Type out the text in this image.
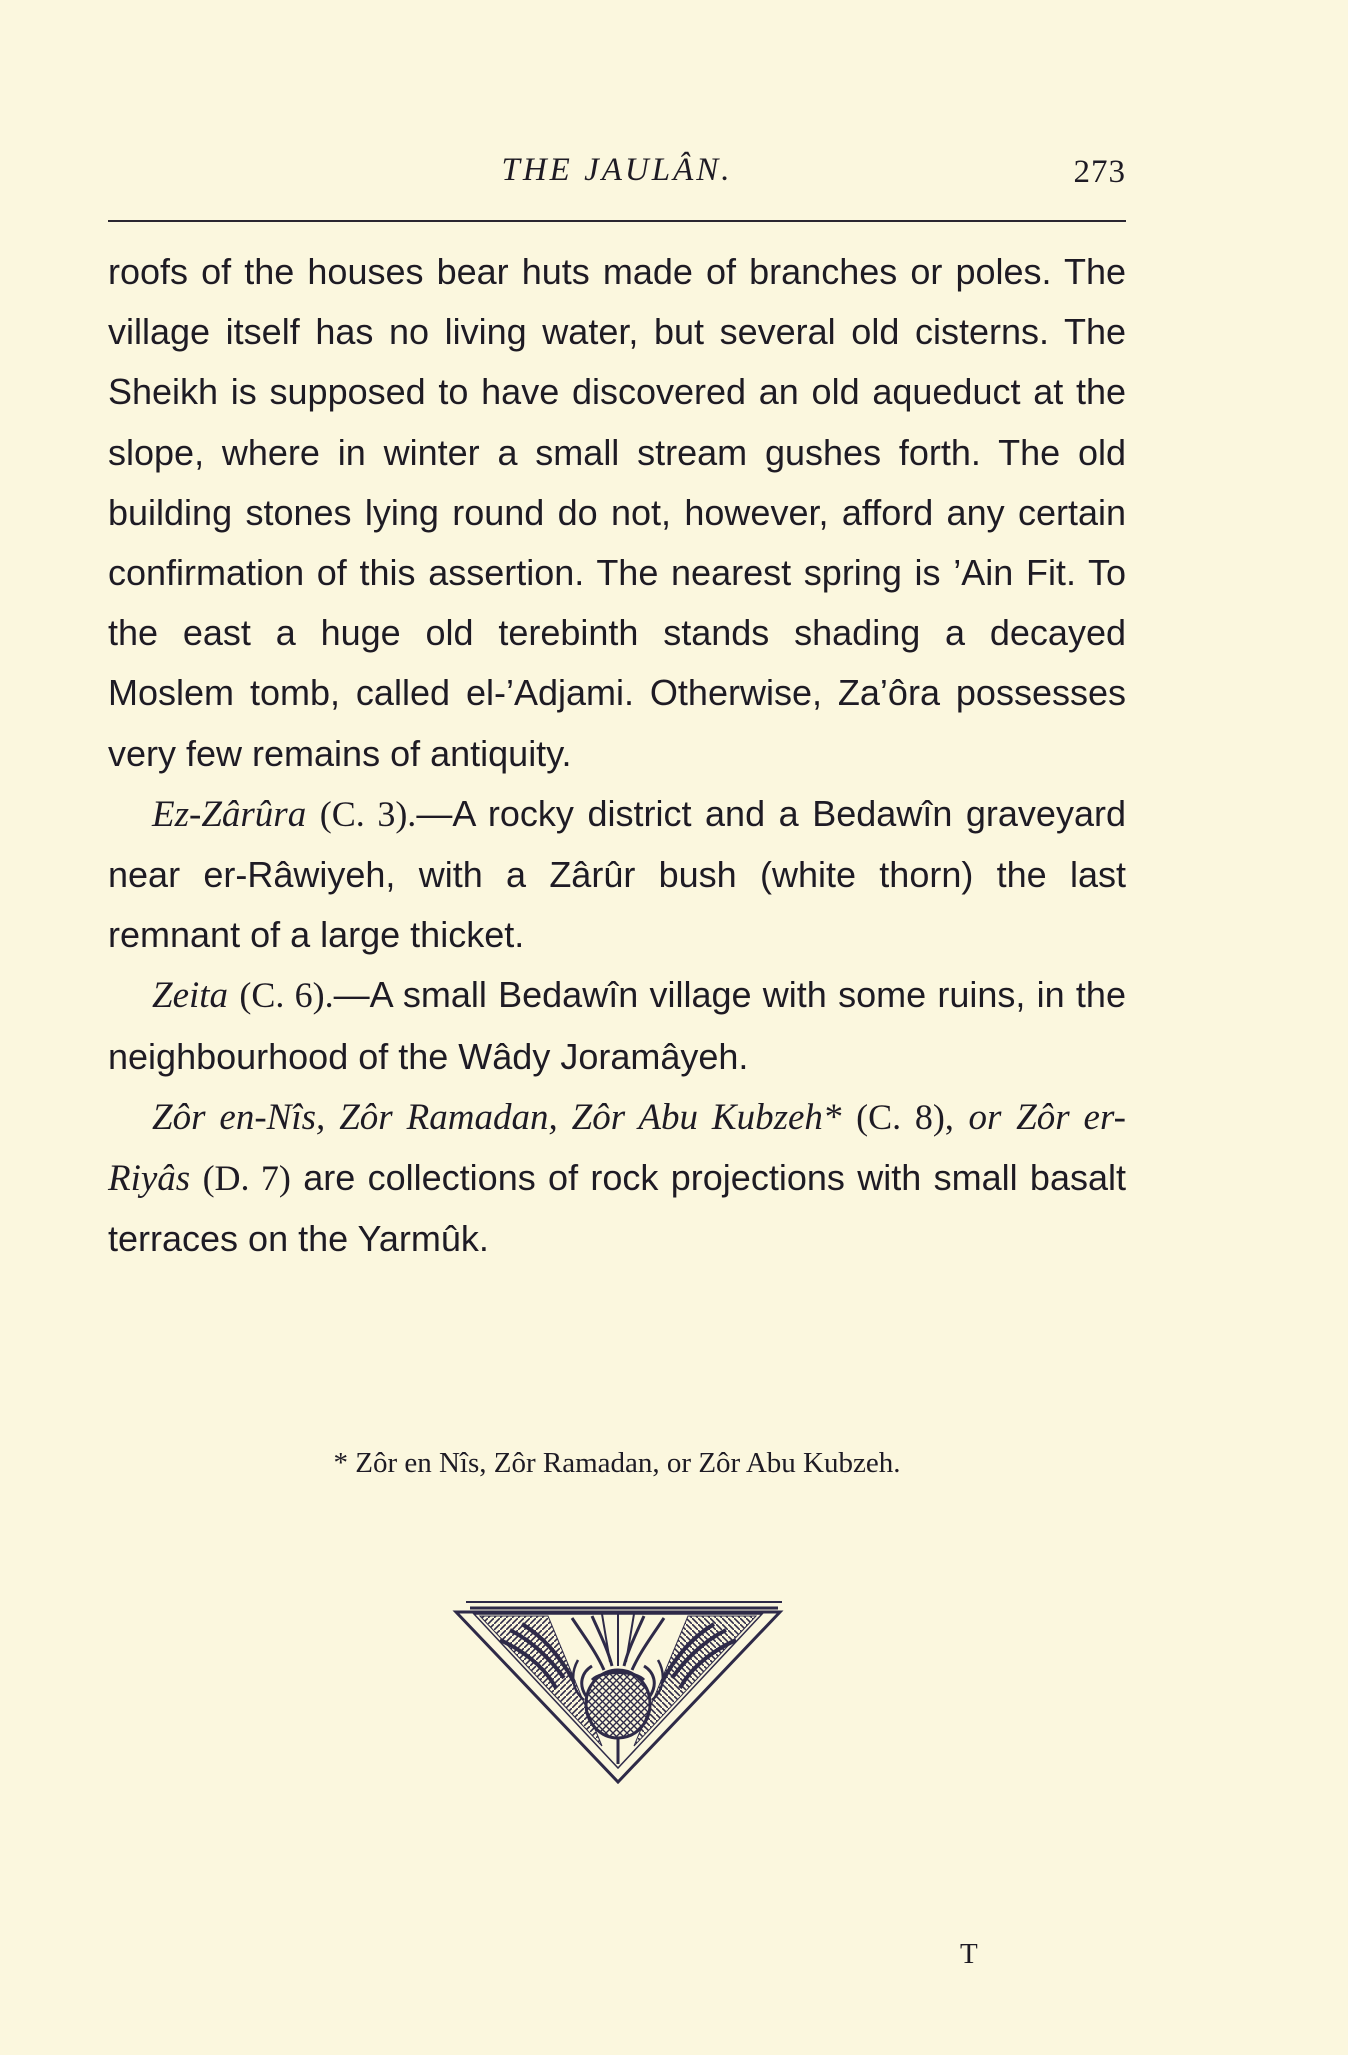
THE JAULÂN.	273

roofs of the houses bear huts made of branches or poles. The village itself has no living water, but several old cisterns. The Sheikh is supposed to have discovered an old aqueduct at the slope, where in winter a small stream gushes forth. The old building stones lying round do not, however, afford any certain confirmation of this assertion. The nearest spring is ’Ain Fit. To the east a huge old terebinth stands shading a decayed Moslem tomb, called el-’Adjami. Otherwise, Za’ôra possesses very few remains of antiquity.

Ez-Zârûra (C. 3).—A rocky district and a Bedawîn graveyard near er-Râwiyeh, with a Zârûr bush (white thorn) the last remnant of a large thicket.

Zeita (C. 6).—A small Bedawîn village with some ruins, in the neighbourhood of the Wâdy Joramâyeh.

Zôr en-Nîs, Zôr Ramadan, Zôr Abu Kubzeh* (C. 8), or Zôr er-Riyâs (D. 7) are collections of rock projections with small basalt terraces on the Yarmûk.

* Zôr en Nîs, Zôr Ramadan, or Zôr Abu Kubzeh.
T
